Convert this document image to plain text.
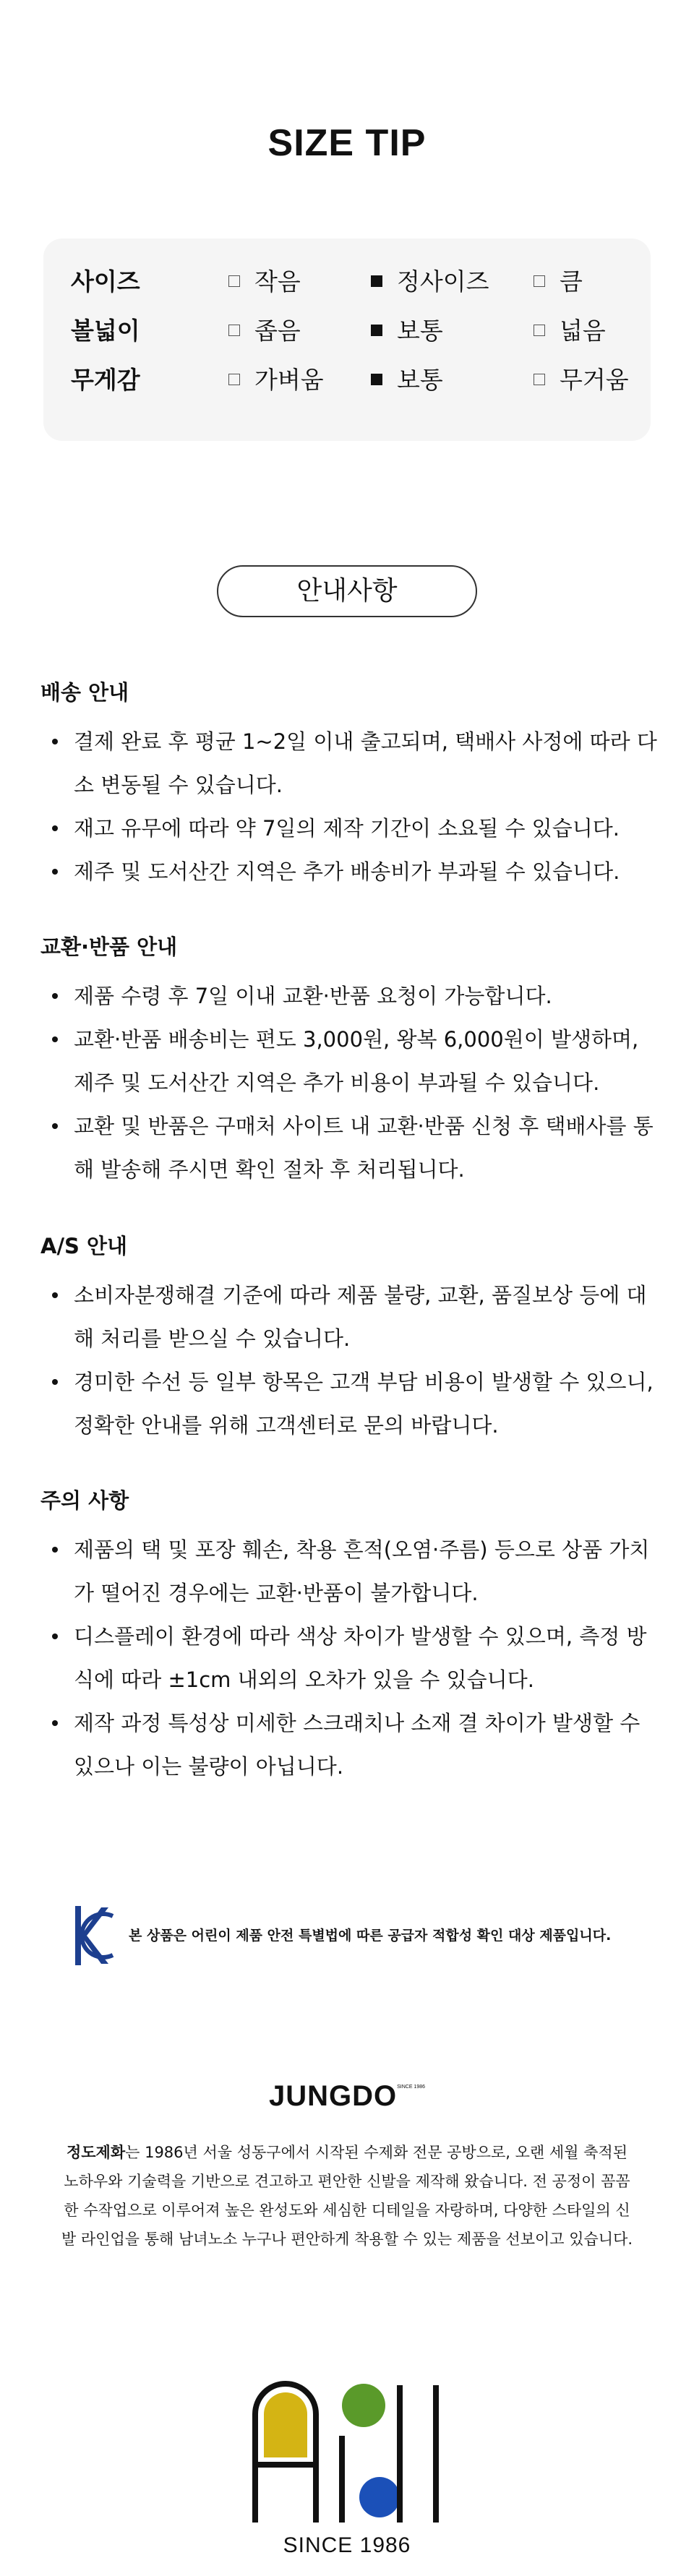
SIZE TIP
사이즈	작음	정사이즈	큼
볼넓이	좁음	보통	넓음
무게감	가벼움	보통	무거움
안내사항
배송 안내
결제 완료 후 평균 1~2일 이내 출고되며, 택배사 사정에 따라 다소 변동될 수 있습니다.
재고 유무에 따라 약 7일의 제작 기간이 소요될 수 있습니다.
제주 및 도서산간 지역은 추가 배송비가 부과될 수 있습니다.
교환·반품 안내
제품 수령 후 7일 이내 교환·반품 요청이 가능합니다.
교환·반품 배송비는 편도 3,000원, 왕복 6,000원이 발생하며, 제주 및 도서산간 지역은 추가 비용이 부과될 수 있습니다.
교환 및 반품은 구매처 사이트 내 교환·반품 신청 후 택배사를 통해 발송해 주시면 확인 절차 후 처리됩니다.
A/S 안내
소비자분쟁해결 기준에 따라 제품 불량, 교환, 품질보상 등에 대해 처리를 받으실 수 있습니다.
경미한 수선 등 일부 항목은 고객 부담 비용이 발생할 수 있으니, 정확한 안내를 위해 고객센터로 문의 바랍니다.
주의 사항
제품의 택 및 포장 훼손, 착용 흔적(오염·주름) 등으로 상품 가치가 떨어진 경우에는 교환·반품이 불가합니다.
디스플레이 환경에 따라 색상 차이가 발생할 수 있으며, 측정 방식에 따라 ±1cm 내외의 오차가 있을 수 있습니다.
제작 과정 특성상 미세한 스크래치나 소재 결 차이가 발생할 수 있으나 이는 불량이 아닙니다.
본 상품은 어린이 제품 안전 특별법에 따른 공급자 적합성 확인 대상 제품입니다.
$JUNGDO^{SINCE 1986}$
정도제화는 1986년 서울 성동구에서 시작된 수제화 전문 공방으로, 오랜 세월 축적된 노하우와 기술력을 기반으로 견고하고 편안한 신발을 제작해 왔습니다. 전 공정이 꼼꼼한 수작업으로 이루어져 높은 완성도와 세심한 디테일을 자랑하며, 다양한 스타일의 신발 라인업을 통해 남녀노소 누구나 편안하게 착용할 수 있는 제품을 선보이고 있습니다.
SINCE 1986
